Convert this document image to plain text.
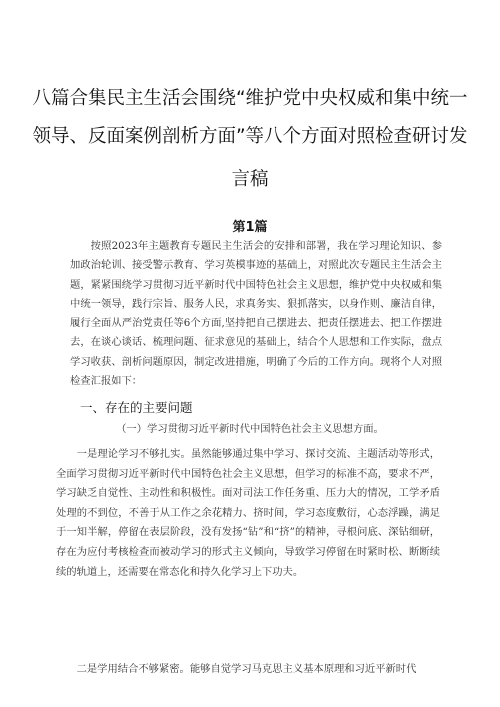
八篇合集民主生活会围绕“维护党中央权威和集中统一
领导、反面案例剖析方面”等八个方面对照检查研讨发
言稿
第1篇
按照2023年主题教育专题民主生活会的安排和部署，我在学习理论知识、参加政治轮训、接受警示教育、学习英模事迹的基础上，对照此次专题民主生活会主题，紧紧围绕学习贯彻习近平新时代中国特色社会主义思想，维护党中央权威和集中统一领导，践行宗旨、服务人民，求真务实、狠抓落实，以身作则、廉洁自律，履行全面从严治党责任等6个方面,坚持把自己摆进去、把责任摆进去、把工作摆进去，在谈心谈话、梳理问题、征求意见的基础上，结合个人思想和工作实际，盘点学习收获、剖析问题原因，制定改进措施，明确了今后的工作方向。现将个人对照检查汇报如下：
一、存在的主要问题
（一）学习贯彻习近平新时代中国特色社会主义思想方面。
一是理论学习不够扎实。虽然能够通过集中学习、探讨交流、主题活动等形式，全面学习贯彻习近平新时代中国特色社会主义思想，但学习的标准不高，要求不严，学习缺乏自觉性、主动性和积极性。面对司法工作任务重、压力大的情况，工学矛盾处理的不到位，不善于从工作之余花精力、挤时间，学习态度敷衍，心态浮躁，满足于一知半解，停留在表层阶段，没有发扬“钻”和“挤”的精神，寻根问底、深钻细研，存在为应付考核检查而被动学习的形式主义倾向，导致学习停留在时紧时松、断断续续的轨道上，还需要在常态化和持久化学习上下功夫。
二是学用结合不够紧密。能够自觉学习马克思主义基本原理和习近平新时代
